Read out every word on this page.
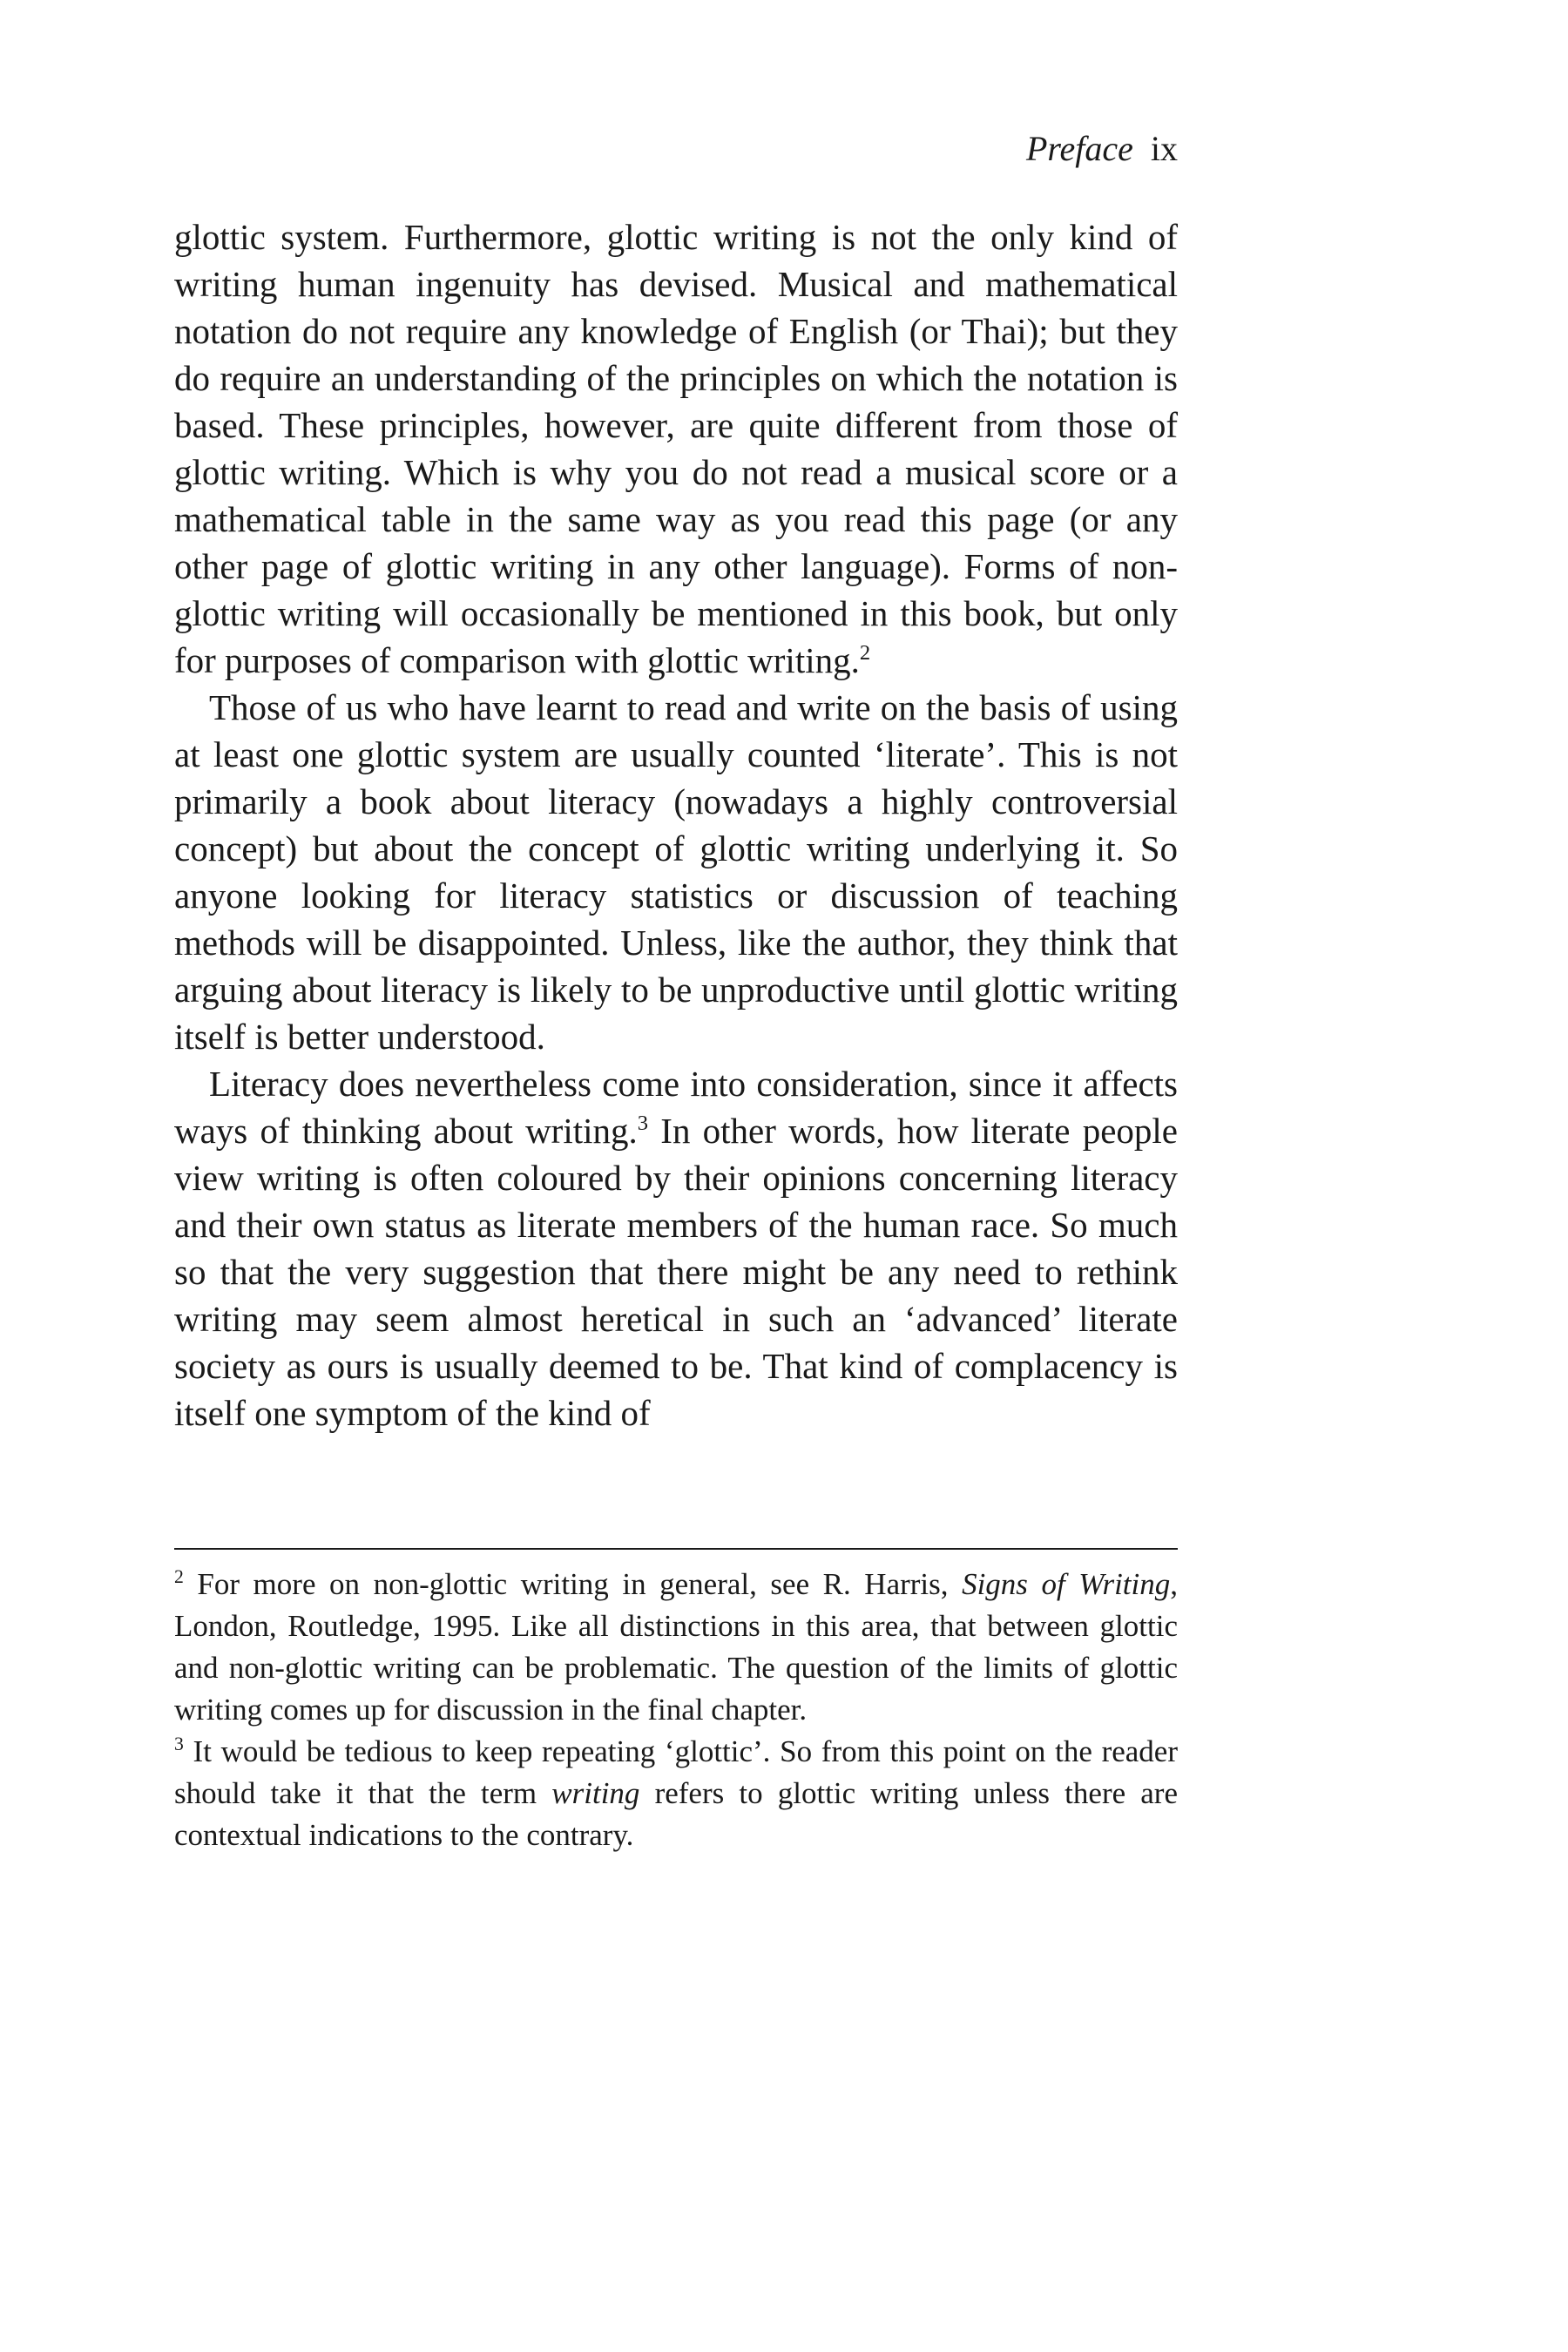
Preface ix

glottic system. Furthermore, glottic writing is not the only kind of writing human ingenuity has devised. Musical and mathematical notation do not require any knowledge of English (or Thai); but they do require an understanding of the principles on which the notation is based. These principles, however, are quite different from those of glottic writing. Which is why you do not read a musical score or a mathematical table in the same way as you read this page (or any other page of glottic writing in any other language). Forms of non-glottic writing will occasionally be mentioned in this book, but only for purposes of comparison with glottic writing.$^2$

Those of us who have learnt to read and write on the basis of using at least one glottic system are usually counted ‘literate’. This is not primarily a book about literacy (nowadays a highly controversial concept) but about the concept of glottic writing underlying it. So anyone looking for literacy statistics or discussion of teaching methods will be disappointed. Unless, like the author, they think that arguing about literacy is likely to be unproductive until glottic writing itself is better understood.

Literacy does nevertheless come into consideration, since it affects ways of thinking about writing.$^3$ In other words, how literate people view writing is often coloured by their opinions concerning literacy and their own status as literate members of the human race. So much so that the very suggestion that there might be any need to rethink writing may seem almost heretical in such an ‘advanced’ literate society as ours is usually deemed to be. That kind of complacency is itself one symptom of the kind of

$^2$ For more on non-glottic writing in general, see R. Harris, Signs of Writing, London, Routledge, 1995. Like all distinctions in this area, that between glottic and non-glottic writing can be problematic. The question of the limits of glottic writing comes up for discussion in the final chapter.

$^3$ It would be tedious to keep repeating ‘glottic’. So from this point on the reader should take it that the term writing refers to glottic writing unless there are contextual indications to the contrary.
